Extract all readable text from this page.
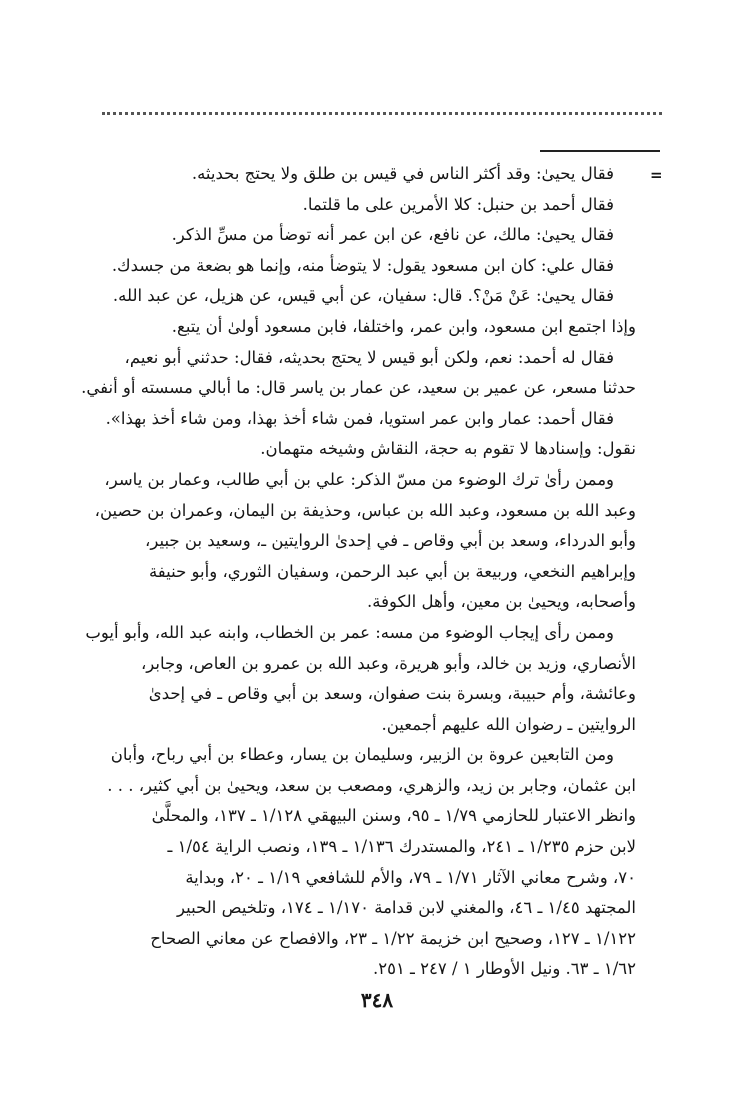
=
فقال يحيىٰ: وقد أكثر الناس في قيس بن طلق ولا يحتج بحديثه.
فقال أحمد بن حنبل: كلا الأمرين على ما قلتما.
فقال يحيىٰ: مالك، عن نافع، عن ابن عمر أنه توضأ من مسِّ الذكر.
فقال علي: كان ابن مسعود يقول: لا يتوضأ منه، وإنما هو بضعة من جسدك.
فقال يحيىٰ: عَنْ مَنْ؟. قال: سفيان، عن أبي قيس، عن هزيل، عن عبد الله.
وإذا اجتمع ابن مسعود، وابن عمر، واختلفا، فابن مسعود أولىٰ أن يتبع.
فقال له أحمد: نعم، ولكن أبو قيس لا يحتج بحديثه، فقال: حدثني أبو نعيم،
حدثنا مسعر، عن عمير بن سعيد، عن عمار بن ياسر قال: ما أبالي مسسته أو أنفي.
فقال أحمد: عمار وابن عمر استويا، فمن شاء أخذ بهذا، ومن شاء أخذ بهذا».
نقول: وإسنادها لا تقوم به حجة، النقاش وشيخه متهمان.
وممن رأىٰ ترك الوضوء من مسّ الذكر: علي بن أبي طالب، وعمار بن ياسر،
وعبد الله بن مسعود، وعبد الله بن عباس، وحذيفة بن اليمان، وعمران بن حصين،
وأبو الدرداء، وسعد بن أبي وقاص ـ في إحدىٰ الروايتين ـ، وسعيد بن جبير،
وإبراهيم النخعي، وربيعة بن أبي عبد الرحمن، وسفيان الثوري، وأبو حنيفة
وأصحابه، ويحيىٰ بن معين، وأهل الكوفة.
وممن رأى إيجاب الوضوء من مسه: عمر بن الخطاب، وابنه عبد الله، وأبو أيوب
الأنصاري، وزيد بن خالد، وأبو هريرة، وعبد الله بن عمرو بن العاص، وجابر،
وعائشة، وأم حبيبة، وبسرة بنت صفوان، وسعد بن أبي وقاص ـ في إحدىٰ
الروايتين ـ رضوان الله عليهم أجمعين.
ومن التابعين عروة بن الزبير، وسليمان بن يسار، وعطاء بن أبي رباح، وأبان
ابن عثمان، وجابر بن زيد، والزهري، ومصعب بن سعد، ويحيىٰ بن أبي كثير، . . .
وانظر الاعتبار للحازمي ١/٧٩ ـ ٩٥، وسنن البيهقي ١/١٢٨ ـ ١٣٧، والمحلَّىٰ
لابن حزم ١/٢٣٥ ـ ٢٤١، والمستدرك ١/١٣٦ ـ ١٣٩، ونصب الراية ١/٥٤ ـ
٧٠، وشرح معاني الآثار ١/٧١ ـ ٧٩، والأم للشافعي ١/١٩ ـ ٢٠، وبداية
المجتهد ١/٤٥ ـ ٤٦، والمغني لابن قدامة ١/١٧٠ ـ ١٧٤، وتلخيص الحبير
١/١٢٢ ـ ١٢٧، وصحيح ابن خزيمة ١/٢٢ ـ ٢٣، والافصاح عن معاني الصحاح
١/٦٢ ـ ٦٣. ونيل الأوطار ١ / ٢٤٧ ـ ٢٥١.
٣٤٨
